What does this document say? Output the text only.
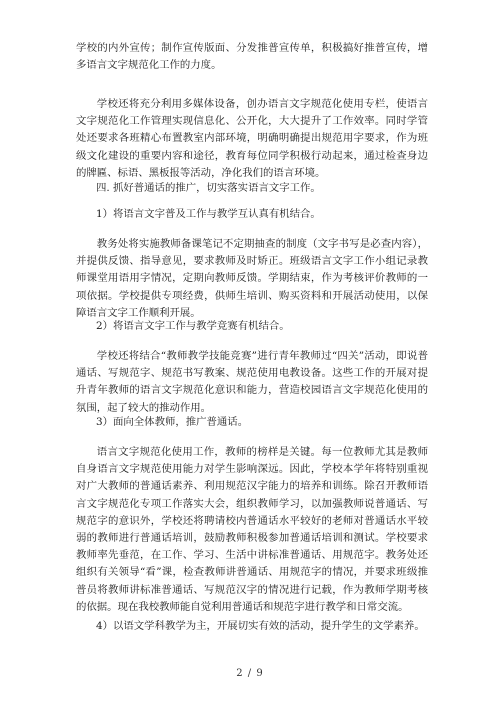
学校的内外宣传；制作宣传版面、分发推普宣传单，积极搞好推普宣传，增多语言文字规范化工作的力度。

学校还将充分利用多媒体设备，创办语言文字规范化使用专栏，使语言文字规范化工作管理实现信息化、公开化，大大提升了工作效率。同时学管处还要求各班精心布置教室内部环境，明确明确提出规范用字要求，作为班级文化建设的重要内容和途径，教育每位同学积极行动起来，通过检查身边的牌匾、标语、黑板报等活动，净化我们的语言环境。

四. 抓好普通话的推广，切实落实语言文字工作。

1）将语言文字普及工作与教学互认真有机结合。

教务处将实施教师备课笔记不定期抽查的制度（文字书写是必查内容），并提供反馈、指导意见，要求教师及时矫正。班级语言文字工作小组记录教师课堂用语用字情况，定期向教师反馈。学期结束，作为考核评价教师的一项依据。学校提供专项经费，供师生培训、购买资料和开展活动使用，以保障语言文字工作顺利开展。

2）将语言文字工作与教学竞赛有机结合。

学校还将结合“教师教学技能竞赛”进行青年教师过“四关”活动，即说普通话、写规范字、规范书写教案、规范使用电教设备。这些工作的开展对提升青年教师的语言文字规范化意识和能力，营造校园语言文字规范化使用的氛围，起了较大的推动作用。

3）面向全体教师，推广普通话。

语言文字规范化使用工作，教师的榜样是关键。每一位教师尤其是教师自身语言文字规范使用能力对学生影响深远。因此，学校本学年将特别重视对广大教师的普通话素养、利用规范汉字能力的培养和训练。除召开教师语言文字规范化专项工作落实大会，组织教师学习，以加强教师说普通话、写规范字的意识外，学校还将聘请校内普通话水平较好的老师对普通话水平较弱的教师进行普通话培训，鼓励教师积极参加普通话培训和测试。学校要求教师率先垂范，在工作、学习、生活中讲标准普通话、用规范字。教务处还组织有关领导“看”课，检查教师讲普通话、用规范字的情况，并要求班级推普员将教师讲标准普通话、写规范汉字的情况进行记载，作为教师学期考核的依据。现在我校教师能自觉利用普通话和规范字进行教学和日常交流。

4）以语文学科教学为主，开展切实有效的活动，提升学生的文学素养。

2 / 9
